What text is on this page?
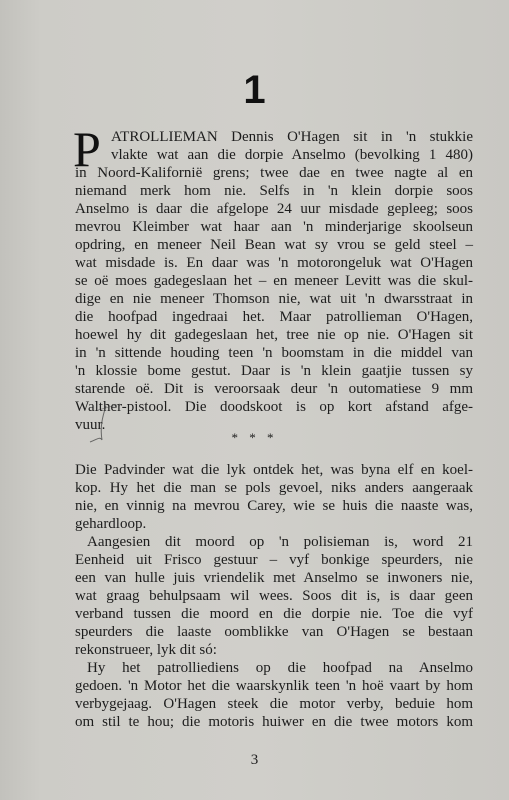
1
P ATROLLIEMAN Dennis O'Hagen sit in 'n stukkie
vlakte wat aan die dorpie Anselmo (bevolking 1 480)
in Noord-Kaliforniё grens; twee dae en twee nagte al en
niemand merk hom nie. Selfs in 'n klein dorpie soos
Anselmo is daar die afgelope 24 uur misdade gepleeg; soos
mevrou Kleimber wat haar aan 'n minderjarige skoolseun
opdring, en meneer Neil Bean wat sy vrou se geld steel –
wat misdade is. En daar was 'n motorongeluk wat O'Hagen
se oё moes gadegeslaan het – en meneer Levitt was die skul-
dige en nie meneer Thomson nie, wat uit 'n dwarsstraat in
die hoofpad ingedraai het. Maar patrollieman O'Hagen,
hoewel hy dit gadegeslaan het, tree nie op nie. O'Hagen sit
in 'n sittende houding teen 'n boomstam in die middel van
'n klossie bome gestut. Daar is 'n klein gaatjie tussen sy
starende oё. Dit is veroorsaak deur 'n outomatiese 9 mm
Walther-pistool. Die doodskoot is op kort afstand afge-
vuur.
* * *
Die Padvinder wat die lyk ontdek het, was byna elf en koel-
kop. Hy het die man se pols gevoel, niks anders aangeraak
nie, en vinnig na mevrou Carey, wie se huis die naaste was,
gehardloop.
Aangesien dit moord op 'n polisieman is, word 21
Eenheid uit Frisco gestuur – vyf bonkige speurders, nie
een van hulle juis vriendelik met Anselmo se inwoners nie,
wat graag behulpsaam wil wees. Soos dit is, is daar geen
verband tussen die moord en die dorpie nie. Toe die vyf
speurders die laaste oomblikke van O'Hagen se bestaan
rekonstrueer, lyk dit só:
Hy het patrolliediens op die hoofpad na Anselmo
gedoen. 'n Motor het die waarskynlik teen 'n hoё vaart by hom
verbygejaag. O'Hagen steek die motor verby, beduie hom
om stil te hou; die motoris huiwer en die twee motors kom
3
